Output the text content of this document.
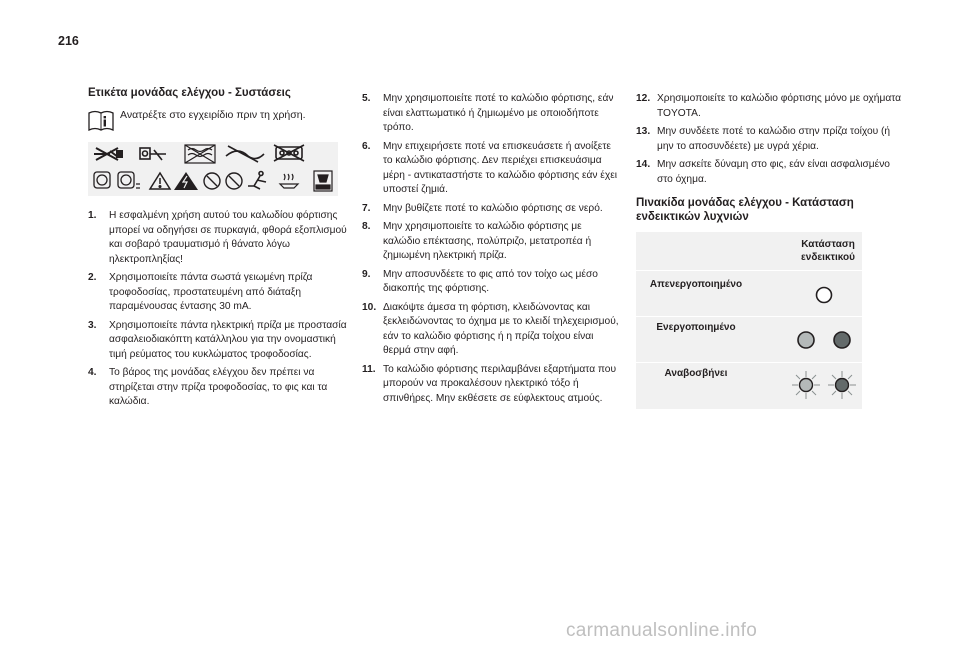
216
Ετικέτα μονάδας ελέγχου - Συστάσεις
Ανατρέξτε στο εγχειρίδιο πριν τη χρήση.
1. Η εσφαλμένη χρήση αυτού του καλωδίου φόρτισης μπορεί να οδηγήσει σε πυρκαγιά, φθορά εξοπλισμού και σοβαρό τραυματισμό ή θάνατο λόγω ηλεκτροπληξίας!
2. Χρησιμοποιείτε πάντα σωστά γειωμένη πρίζα τροφοδοσίας, προστατευμένη από διάταξη παραμένουσας έντασης 30 mA.
3. Χρησιμοποιείτε πάντα ηλεκτρική πρίζα με προστασία ασφαλειοδιακόπτη κατάλληλου για την ονομαστική τιμή ρεύματος του κυκλώματος τροφοδοσίας.
4. Το βάρος της μονάδας ελέγχου δεν πρέπει να στηρίζεται στην πρίζα τροφοδοσίας, το φις και τα καλώδια.
5. Μην χρησιμοποιείτε ποτέ το καλώδιο φόρτισης, εάν είναι ελαττωματικό ή ζημιωμένο με οποιοδήποτε τρόπο.
6. Μην επιχειρήσετε ποτέ να επισκευάσετε ή ανοίξετε το καλώδιο φόρτισης. Δεν περιέχει επισκευάσιμα μέρη - αντικαταστήστε το καλώδιο φόρτισης εάν έχει υποστεί ζημιά.
7. Μην βυθίζετε ποτέ το καλώδιο φόρτισης σε νερό.
8. Μην χρησιμοποιείτε το καλώδιο φόρτισης με καλώδιο επέκτασης, πολύπριζο, μετατροπέα ή ζημιωμένη ηλεκτρική πρίζα.
9. Μην αποσυνδέετε το φις από τον τοίχο ως μέσο διακοπής της φόρτισης.
10. Διακόψτε άμεσα τη φόρτιση, κλειδώνοντας και ξεκλειδώνοντας το όχημα με το κλειδί τηλεχειρισμού, εάν το καλώδιο φόρτισης ή η πρίζα τοίχου είναι θερμά στην αφή.
11. Το καλώδιο φόρτισης περιλαμβάνει εξαρτήματα που μπορούν να προκαλέσουν ηλεκτρικό τόξο ή σπινθήρες. Μην εκθέσετε σε εύφλεκτους ατμούς.
12. Χρησιμοποιείτε το καλώδιο φόρτισης μόνο με οχήματα TOYOTA.
13. Μην συνδέετε ποτέ το καλώδιο στην πρίζα τοίχου (ή μην το αποσυνδέετε) με υγρά χέρια.
14. Μην ασκείτε δύναμη στο φις, εάν είναι ασφαλισμένο στο όχημα.
Πινακίδα μονάδας ελέγχου - Κατάσταση
ενδεικτικών λυχνιών
Κατάσταση
ενδεικτικού
Απενεργοποιημένο
Ενεργοποιημένο
Αναβοσβήνει
carmanualsonline.info
